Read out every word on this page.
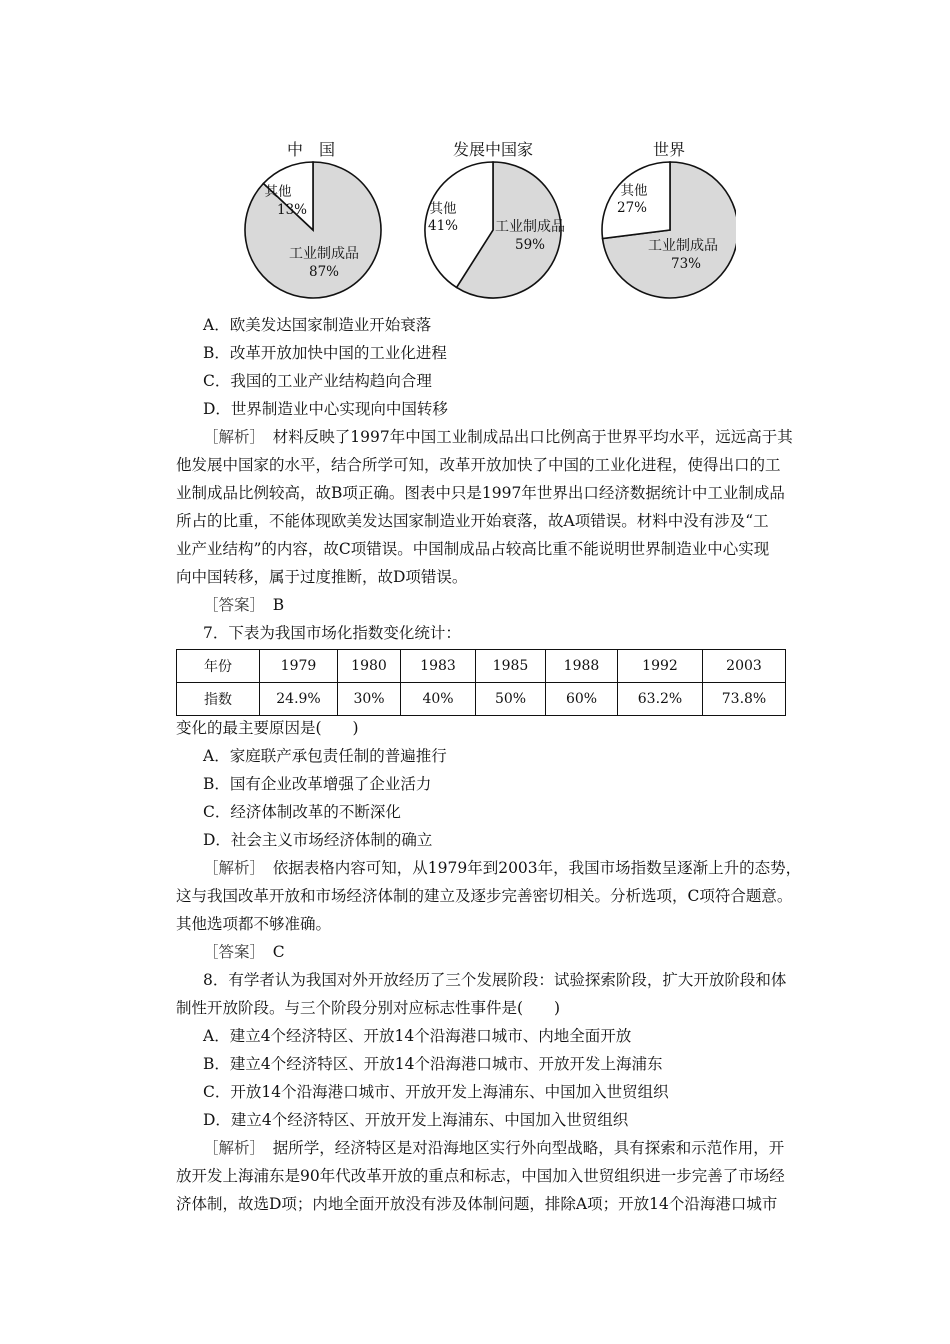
中　国
其他
13%
工业制成品
87%
发展中国家
其他
41%	工业制成品
59%
世界
其他
27%
工业制成品
73%
A．欧美发达国家制造业开始衰落
B．改革开放加快中国的工业化进程
C．我国的工业产业结构趋向合理
D．世界制造业中心实现向中国转移
［解析］　材料反映了1997年中国工业制成品出口比例高于世界平均水平，远远高于其
他发展中国家的水平，结合所学可知，改革开放加快了中国的工业化进程，使得出口的工
业制成品比例较高，故B项正确。图表中只是1997年世界出口经济数据统计中工业制成品
所占的比重，不能体现欧美发达国家制造业开始衰落，故A项错误。材料中没有涉及“工
业产业结构”的内容，故C项错误。中国制成品占较高比重不能说明世界制造业中心实现
向中国转移，属于过度推断，故D项错误。
［答案］　B
7．下表为我国市场化指数变化统计：
年份	1979	1980	1983	1985	1988	1992	2003
指数	24.9%	30%	40%	50%	60%	63.2%	73.8%
变化的最主要原因是(　　)
A．家庭联产承包责任制的普遍推行
B．国有企业改革增强了企业活力
C．经济体制改革的不断深化
D．社会主义市场经济体制的确立
［解析］　依据表格内容可知，从1979年到2003年，我国市场指数呈逐渐上升的态势，
这与我国改革开放和市场经济体制的建立及逐步完善密切相关。分析选项，C项符合题意。
其他选项都不够准确。
［答案］　C
8．有学者认为我国对外开放经历了三个发展阶段：试验探索阶段，扩大开放阶段和体
制性开放阶段。与三个阶段分别对应标志性事件是(　　)
A．建立4个经济特区、开放14个沿海港口城市、内地全面开放
B．建立4个经济特区、开放14个沿海港口城市、开放开发上海浦东
C．开放14个沿海港口城市、开放开发上海浦东、中国加入世贸组织
D．建立4个经济特区、开放开发上海浦东、中国加入世贸组织
［解析］　据所学，经济特区是对沿海地区实行外向型战略，具有探索和示范作用，开
放开发上海浦东是90年代改革开放的重点和标志，中国加入世贸组织进一步完善了市场经
济体制，故选D项；内地全面开放没有涉及体制问题，排除A项；开放14个沿海港口城市
